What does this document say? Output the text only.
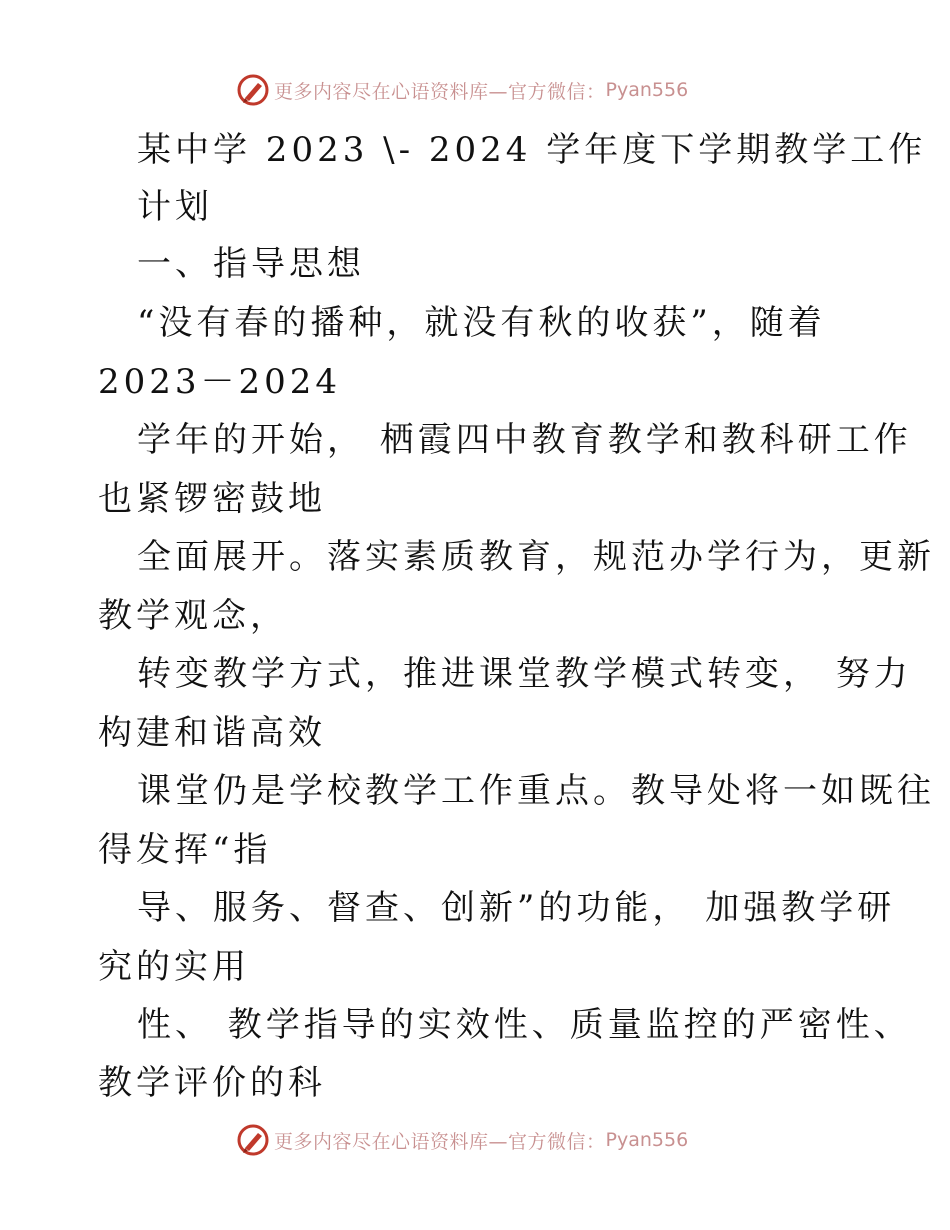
更多内容尽在心语资料库—官方微信： Pyan556
某中学 2023 \- 2024 学年度下学期教学工作
计划
一、指导思想
“没有春的播种，就没有秋的收获”，随着
2023－2024
学年的开始， 栖霞四中教育教学和教科研工作
也紧锣密鼓地
全面展开。落实素质教育，规范办学行为，更新
教学观念，
转变教学方式，推进课堂教学模式转变， 努力
构建和谐高效
课堂仍是学校教学工作重点。教导处将一如既往
得发挥“指
导、服务、督查、创新”的功能， 加强教学研
究的实用
性、 教学指导的实效性、质量监控的严密性、
教学评价的科
更多内容尽在心语资料库—官方微信： Pyan556
